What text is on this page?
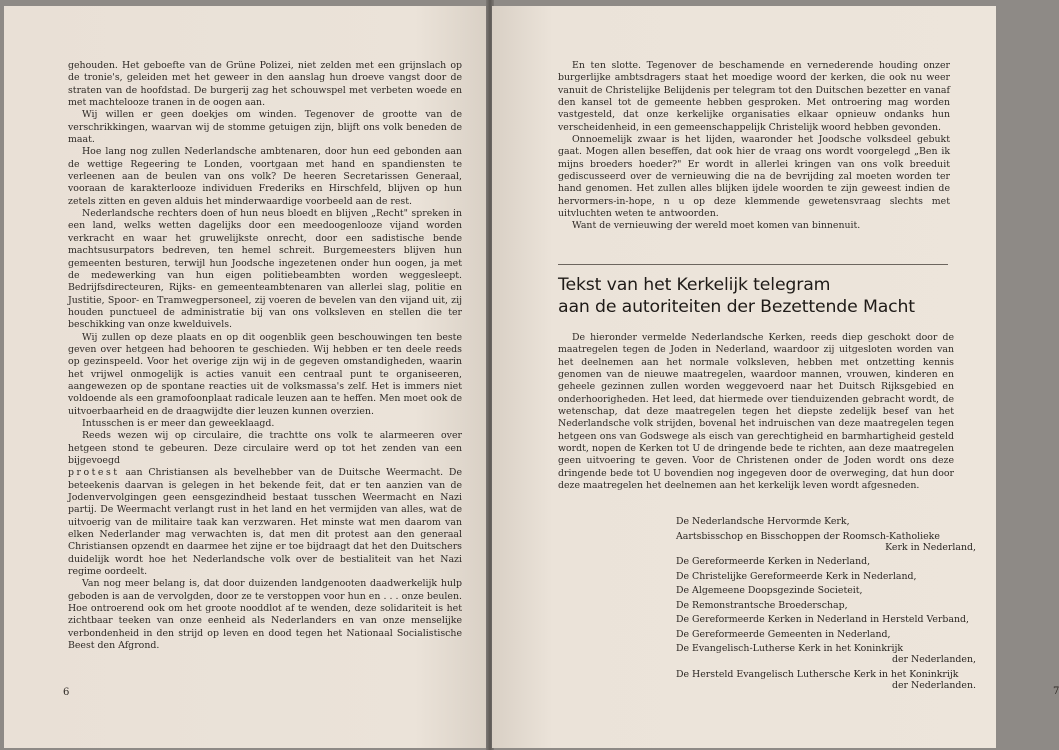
gehouden. Het geboefte van de Grüne Polizei, niet zelden met een grijnslach op de tronie's, geleiden met het geweer in den aanslag hun droeve vangst door de straten van de hoofdstad. De burgerij zag het schouwspel met verbeten woede en met machtelooze tranen in de oogen aan.

Wij willen er geen doekjes om winden. Tegenover de grootte van de verschrikkingen, waarvan wij de stomme getuigen zijn, blijft ons volk beneden de maat.

Hoe lang nog zullen Nederlandsche ambtenaren, door hun eed gebonden aan de wettige Regeering te Londen, voortgaan met hand en spandiensten te verleenen aan de beulen van ons volk? De heeren Secretarissen Generaal, vooraan de karakterlooze individuen Frederiks en Hirschfeld, blijven op hun zetels zitten en geven alduis het minderwaardige voorbeeld aan de rest.

Nederlandsche rechters doen of hun neus bloedt en blijven „Recht" spreken in een land, welks wetten dagelijks door een meedoogenlooze vijand worden verkracht en waar het gruwelijkste onrecht, door een sadistische bende machtsusurpators bedreven, ten hemel schreit. Burgemeesters blijven hun gemeenten besturen, terwijl hun Joodsche ingezetenen onder hun oogen, ja met de medewerking van hun eigen politiebeambten worden weggesleept. Bedrijfsdirecteuren, Rijks- en gemeenteambtenaren van allerlei slag, politie en Justitie, Spoor- en Tramwegpersoneel, zij voeren de bevelen van den vijand uit, zij houden punctueel de administratie bij van ons volksleven en stellen die ter beschikking van onze kwelduivels.

Wij zullen op deze plaats en op dit oogenblik geen beschouwingen ten beste geven over hetgeen had behooren te geschieden. Wij hebben er ten deele reeds op gezinspeeld. Voor het overige zijn wij in de gegeven omstandigheden, waarin het vrijwel onmogelijk is acties vanuit een centraal punt te organiseeren, aangewezen op de spontane reacties uit de volksmassa's zelf. Het is immers niet voldoende als een gramofoonplaat radicale leuzen aan te heffen. Men moet ook de uitvoerbaarheid en de draagwijdte dier leuzen kunnen overzien.

Intusschen is er meer dan geweeklaagd.

Reeds wezen wij op circulaire, die trachtte ons volk te alarmeeren over hetgeen stond te gebeuren. Deze circulaire werd op tot het zenden van een bijgevoegd

protest aan Christiansen als bevelhebber van de Duitsche Weermacht. De beteekenis daarvan is gelegen in het bekende feit, dat er ten aanzien van de Jodenvervolgingen geen eensgezindheid bestaat tusschen Weermacht en Nazi partij. De Weermacht verlangt rust in het land en het vermijden van alles, wat de uitvoerig van de militaire taak kan verzwaren. Het minste wat men daarom van elken Nederlander mag verwachten is, dat men dit protest aan den generaal Christiansen opzendt en daarmee het zijne er toe bijdraagt dat het den Duitschers duidelijk wordt hoe het Nederlandsche volk over de bestialiteit van het Nazi regime oordeelt.

Van nog meer belang is, dat door duizenden landgenooten daadwerkelijk hulp geboden is aan de vervolgden, door ze te verstoppen voor hun en . . . onze beulen. Hoe ontroerend ook om het groote nooddlot af te wenden, deze solidariteit is het zichtbaar teeken van onze eenheid als Nederlanders en van onze menselijke verbondenheid in den strijd op leven en dood tegen het Nationaal Socialistische Beest den Afgrond.

6

En ten slotte. Tegenover de beschamende en vernederende houding onzer burgerlijke ambtsdragers staat het moedige woord der kerken, die ook nu weer vanuit de Christelijke Belijdenis per telegram tot den Duitschen bezetter en vanaf den kansel tot de gemeente hebben gesproken. Met ontroering mag worden vastgesteld, dat onze kerkelijke organisaties elkaar opnieuw ondanks hun verscheidenheid, in een gemeenschappelijk Christelijk woord hebben gevonden.

Onnoemelijk zwaar is het lijden, waaronder het Joodsche volksdeel gebukt gaat. Mogen allen beseffen, dat ook hier de vraag ons wordt voorgelegd „Ben ik mijns broeders hoeder?" Er wordt in allerlei kringen van ons volk breeduit gediscusseerd over de vernieuwing die na de bevrijding zal moeten worden ter hand genomen. Het zullen alles blijken ijdele woorden te zijn geweest indien de hervormers-in-hope, n u op deze klemmende gewetensvraag slechts met uitvluchten weten te antwoorden.

Want de vernieuwing der wereld moet komen van binnenuit.

Tekst van het Kerkelijk telegram
aan de autoriteiten der Bezettende Macht

De hieronder vermelde Nederlandsche Kerken, reeds diep geschokt door de maatregelen tegen de Joden in Nederland, waardoor zij uitgesloten worden van het deelnemen aan het normale volksleven, hebben met ontzetting kennis genomen van de nieuwe maatregelen, waardoor mannen, vrouwen, kinderen en geheele gezinnen zullen worden weggevoerd naar het Duitsch Rijksgebied en onderhoorigheden. Het leed, dat hiermede over tienduizenden gebracht wordt, de wetenschap, dat deze maatregelen tegen het diepste zedelijk besef van het Nederlandsche volk strijden, bovenal het indruischen van deze maatregelen tegen hetgeen ons van Godswege als eisch van gerechtigheid en barmhartigheid gesteld wordt, nopen de Kerken tot U de dringende bede te richten, aan deze maatregelen geen uitvoering te geven. Voor de Christenen onder de Joden wordt ons deze dringende bede tot U bovendien nog ingegeven door de overweging, dat hun door deze maatregelen het deelnemen aan het kerkelijk leven wordt afgesneden.

7
De Nederlandsche Hervormde Kerk,
Aartsbisschop en Bisschoppen der Roomsch-Katholieke
Kerk in Nederland,
De Gereformeerde Kerken in Nederland,
De Christelijke Gereformeerde Kerk in Nederland,
De Algemeene Doopsgezinde Societeit,
De Remonstrantsche Broederschap,
De Gereformeerde Kerken in Nederland in Hersteld Verband,
De Gereformeerde Gemeenten in Nederland,
De Evangelisch-Lutherse Kerk in het Koninkrijk
der Nederlanden,
De Hersteld Evangelisch Luthersche Kerk in het Koninkrijk
der Nederlanden.
